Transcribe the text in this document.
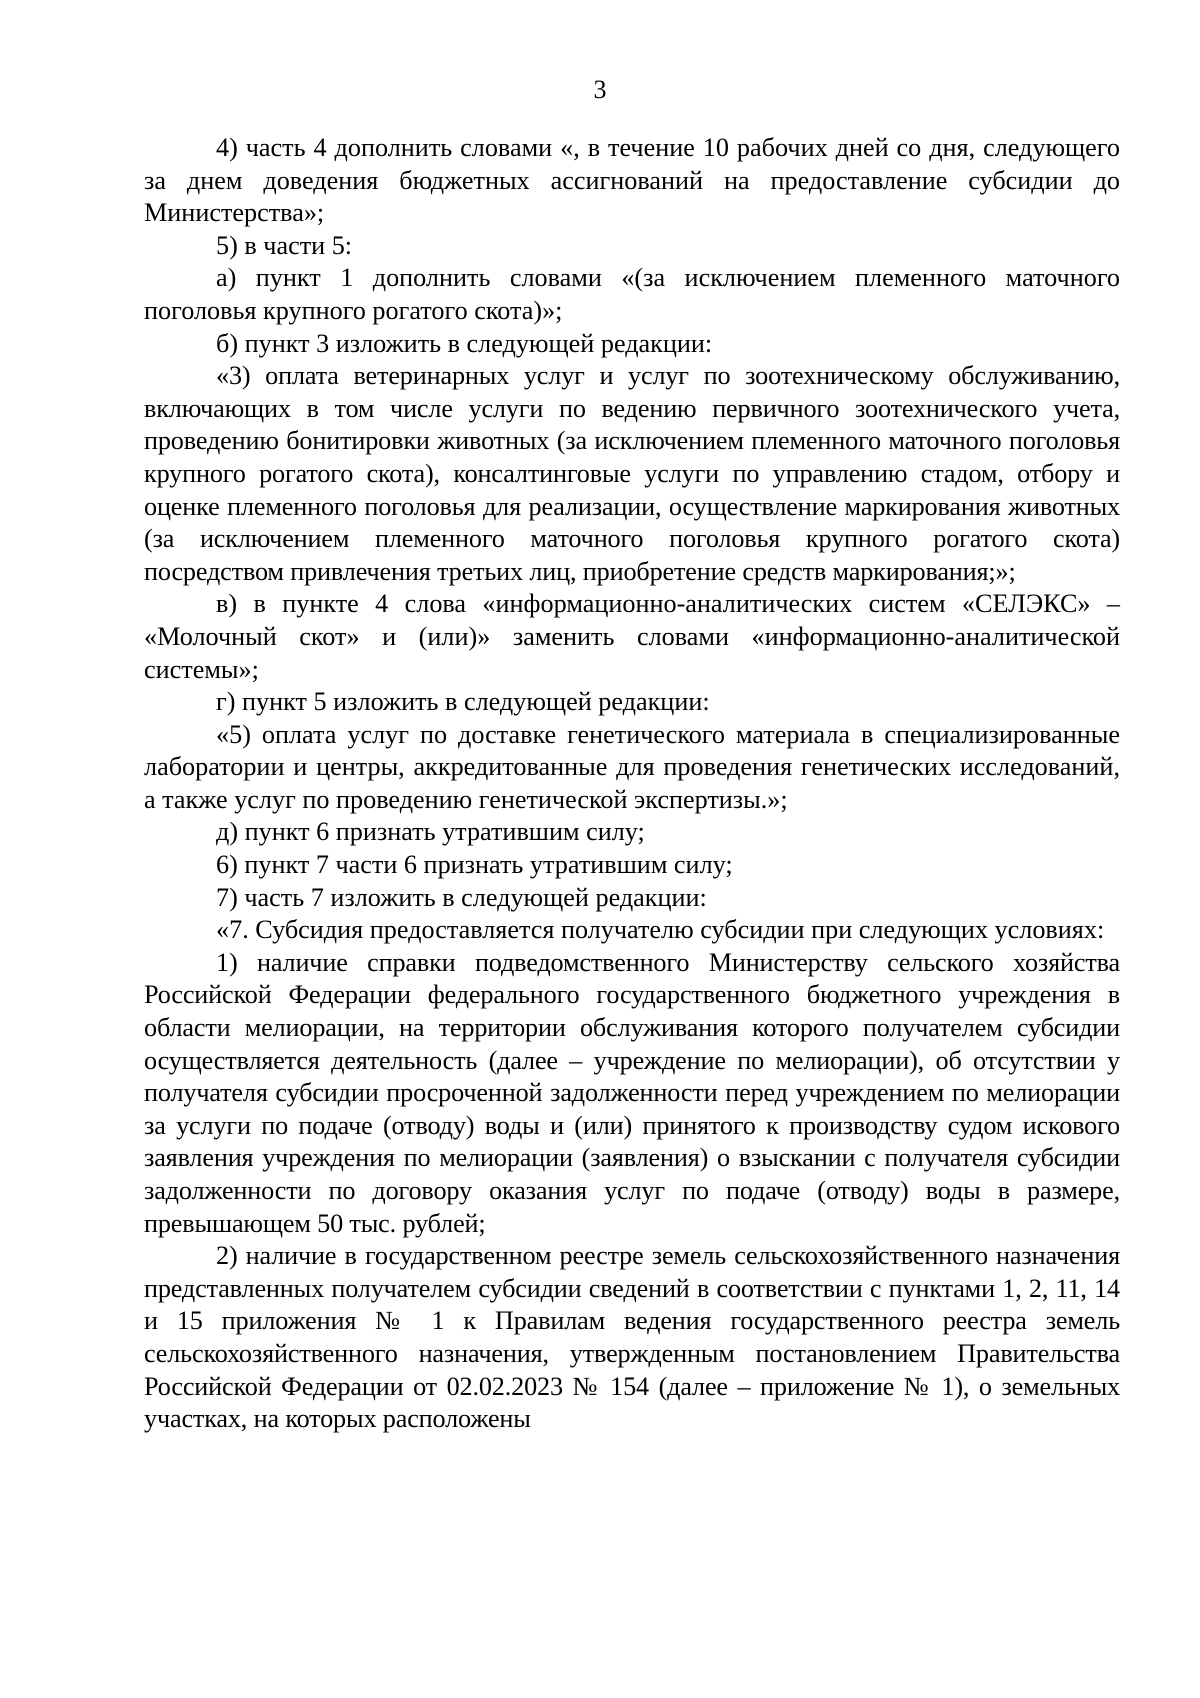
3

4) часть 4 дополнить словами «, в течение 10 рабочих дней со дня, следующего за днем доведения бюджетных ассигнований на предоставление субсидии до Министерства»;

5) в части 5:

а) пункт 1 дополнить словами «(за исключением племенного маточного поголовья крупного рогатого скота)»;

б) пункт 3 изложить в следующей редакции:

«3) оплата ветеринарных услуг и услуг по зоотехническому обслуживанию, включающих в том числе услуги по ведению первичного зоотехнического учета, проведению бонитировки животных (за исключением племенного маточного поголовья крупного рогатого скота), консалтинговые услуги по управлению стадом, отбору и оценке племенного поголовья для реализации, осуществление маркирования животных (за исключением племенного маточного поголовья крупного рогатого скота) посредством привлечения третьих лиц, приобретение средств маркирования;»;

в) в пункте 4 слова «информационно-аналитических систем «СЕЛЭКС» – «Молочный скот» и (или)» заменить словами «информационно-аналитической системы»;

г) пункт 5 изложить в следующей редакции:

«5) оплата услуг по доставке генетического материала в специализированные лаборатории и центры, аккредитованные для проведения генетических исследований, а также услуг по проведению генетической экспертизы.»;

д) пункт 6 признать утратившим силу;

6) пункт 7 части 6 признать утратившим силу;

7) часть 7 изложить в следующей редакции:

«7. Субсидия предоставляется получателю субсидии при следующих условиях:

1) наличие справки подведомственного Министерству сельского хозяйства Российской Федерации федерального государственного бюджетного учреждения в области мелиорации, на территории обслуживания которого получателем субсидии осуществляется деятельность (далее – учреждение по мелиорации), об отсутствии у получателя субсидии просроченной задолженности перед учреждением по мелиорации за услуги по подаче (отводу) воды и (или) принятого к производству судом искового заявления учреждения по мелиорации (заявления) о взыскании с получателя субсидии задолженности по договору оказания услуг по подаче (отводу) воды в размере, превышающем 50 тыс. рублей;

2) наличие в государственном реестре земель сельскохозяйственного назначения представленных получателем субсидии сведений в соответствии с пунктами 1, 2, 11, 14 и 15 приложения № 1 к Правилам ведения государственного реестра земель сельскохозяйственного назначения, утвержденным постановлением Правительства Российской Федерации от 02.02.2023 № 154 (далее – приложение № 1), о земельных участках, на которых расположены
